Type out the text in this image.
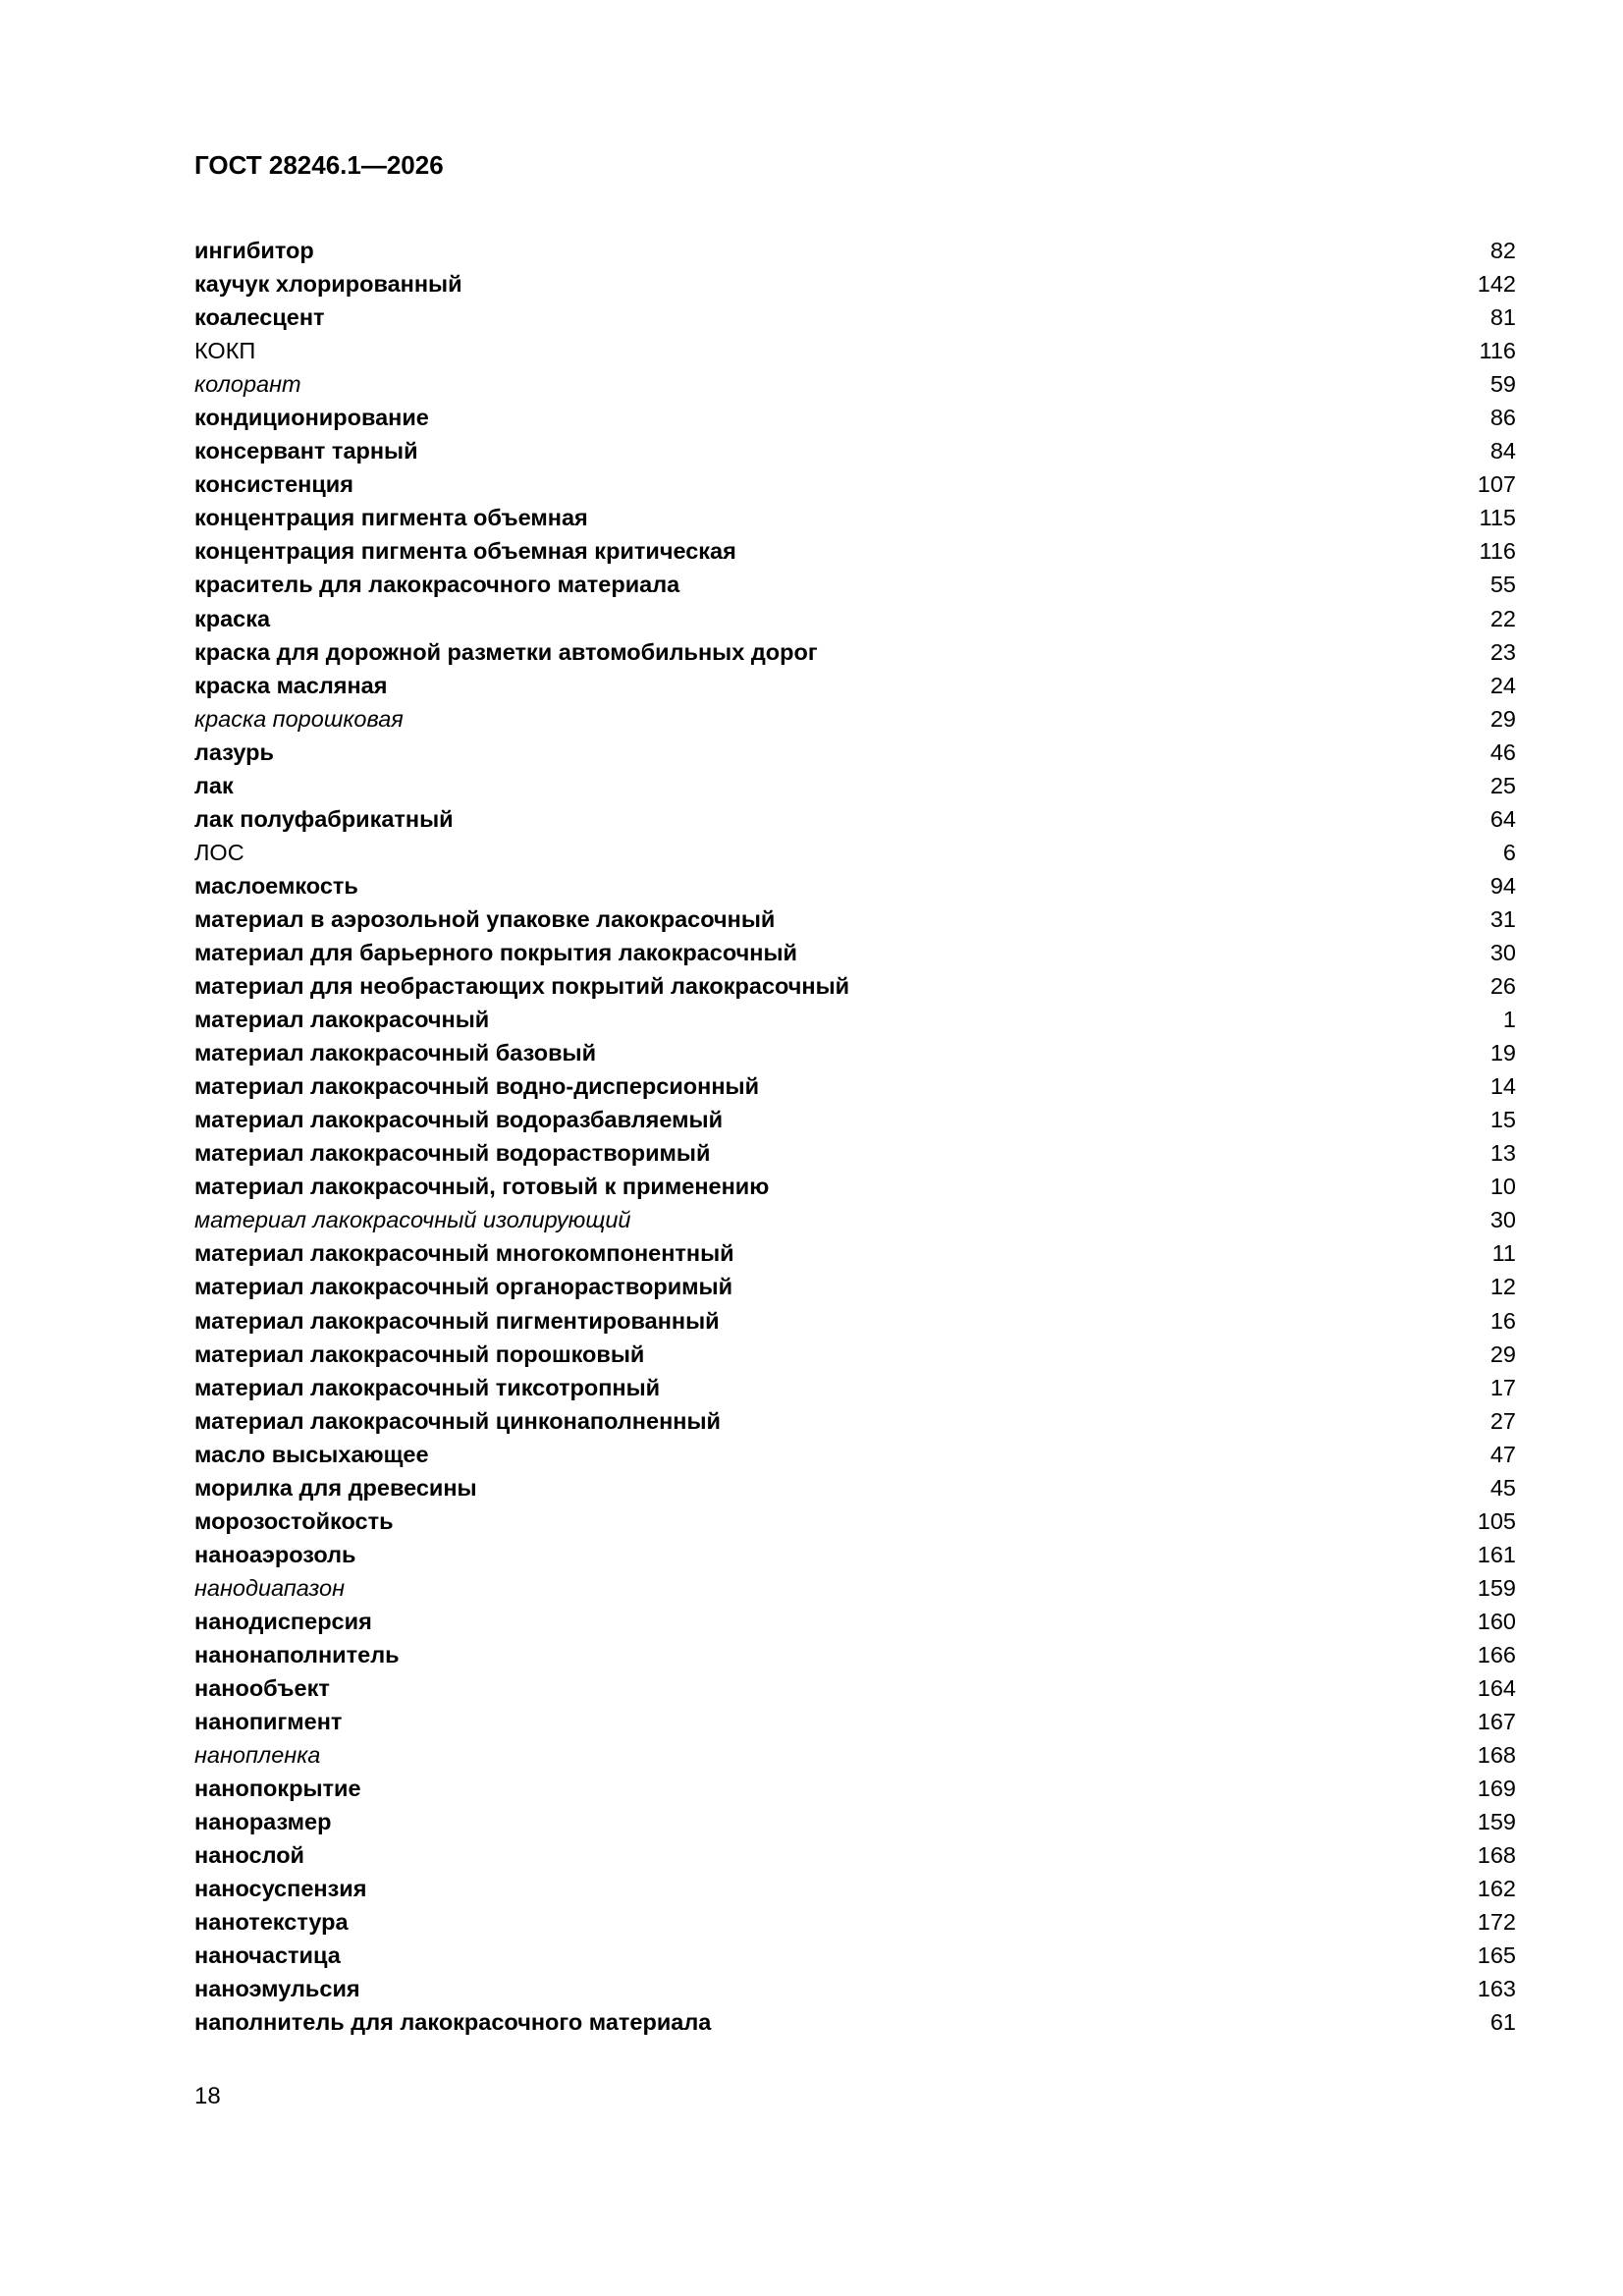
ГОСТ 28246.1—2026
ингибитор	82
каучук хлорированный	142
коалесцент	81
КОКП	116
колорант	59
кондиционирование	86
консервант тарный	84
консистенция	107
концентрация пигмента объемная	115
концентрация пигмента объемная критическая	116
краситель для лакокрасочного материала	55
краска	22
краска для дорожной разметки автомобильных дорог	23
краска масляная	24
краска порошковая	29
лазурь	46
лак	25
лак полуфабрикатный	64
ЛОС	6
маслоемкость	94
материал в аэрозольной упаковке лакокрасочный	31
материал для барьерного покрытия лакокрасочный	30
материал для необрастающих покрытий лакокрасочный	26
материал лакокрасочный	1
материал лакокрасочный базовый	19
материал лакокрасочный водно-дисперсионный	14
материал лакокрасочный водоразбавляемый	15
материал лакокрасочный водорастворимый	13
материал лакокрасочный, готовый к применению	10
материал лакокрасочный изолирующий	30
материал лакокрасочный многокомпонентный	11
материал лакокрасочный органорастворимый	12
материал лакокрасочный пигментированный	16
материал лакокрасочный порошковый	29
материал лакокрасочный тиксотропный	17
материал лакокрасочный цинконаполненный	27
масло высыхающее	47
морилка для древесины	45
морозостойкость	105
наноаэрозоль	161
нанодиапазон	159
нанодисперсия	160
нанонаполнитель	166
нанообъект	164
нанопигмент	167
нанопленка	168
нанопокрытие	169
наноразмер	159
нанослой	168
наносуспензия	162
нанотекстура	172
наночастица	165
наноэмульсия	163
наполнитель для лакокрасочного материала	61
18
